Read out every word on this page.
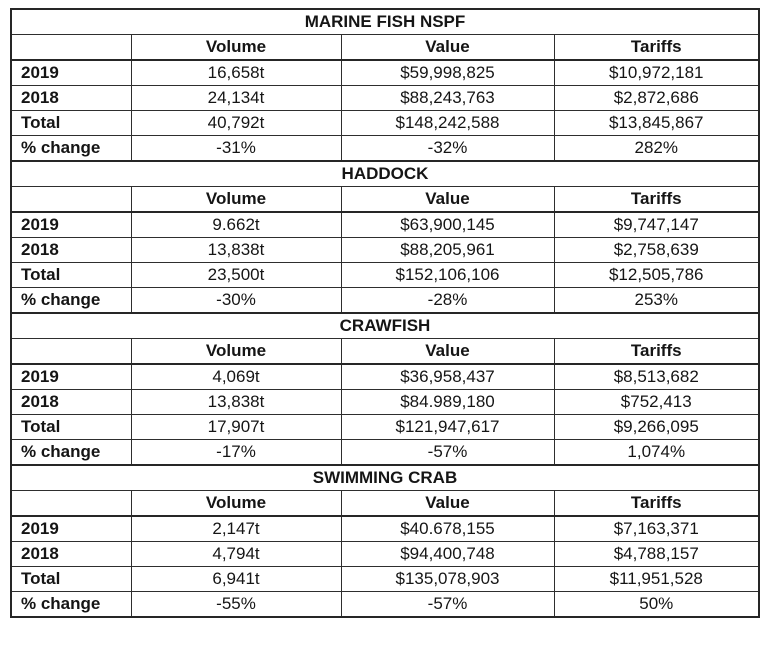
MARINE FISH NSPF			
	Volume	Value	Tariffs
2019	16,658t	$59,998,825	$10,972,181
2018	24,134t	$88,243,763	$2,872,686
Total	40,792t	$148,242,588	$13,845,867
% change	-31%	-32%	282%
HADDOCK			
	Volume	Value	Tariffs
2019	9.662t	$63,900,145	$9,747,147
2018	13,838t	$88,205,961	$2,758,639
Total	23,500t	$152,106,106	$12,505,786
% change	-30%	-28%	253%
CRAWFISH			
	Volume	Value	Tariffs
2019	4,069t	$36,958,437	$8,513,682
2018	13,838t	$84.989,180	$752,413
Total	17,907t	$121,947,617	$9,266,095
% change	-17%	-57%	1,074%
SWIMMING CRAB			
	Volume	Value	Tariffs
2019	2,147t	$40.678,155	$7,163,371
2018	4,794t	$94,400,748	$4,788,157
Total	6,941t	$135,078,903	$11,951,528
% change	-55%	-57%	50%
